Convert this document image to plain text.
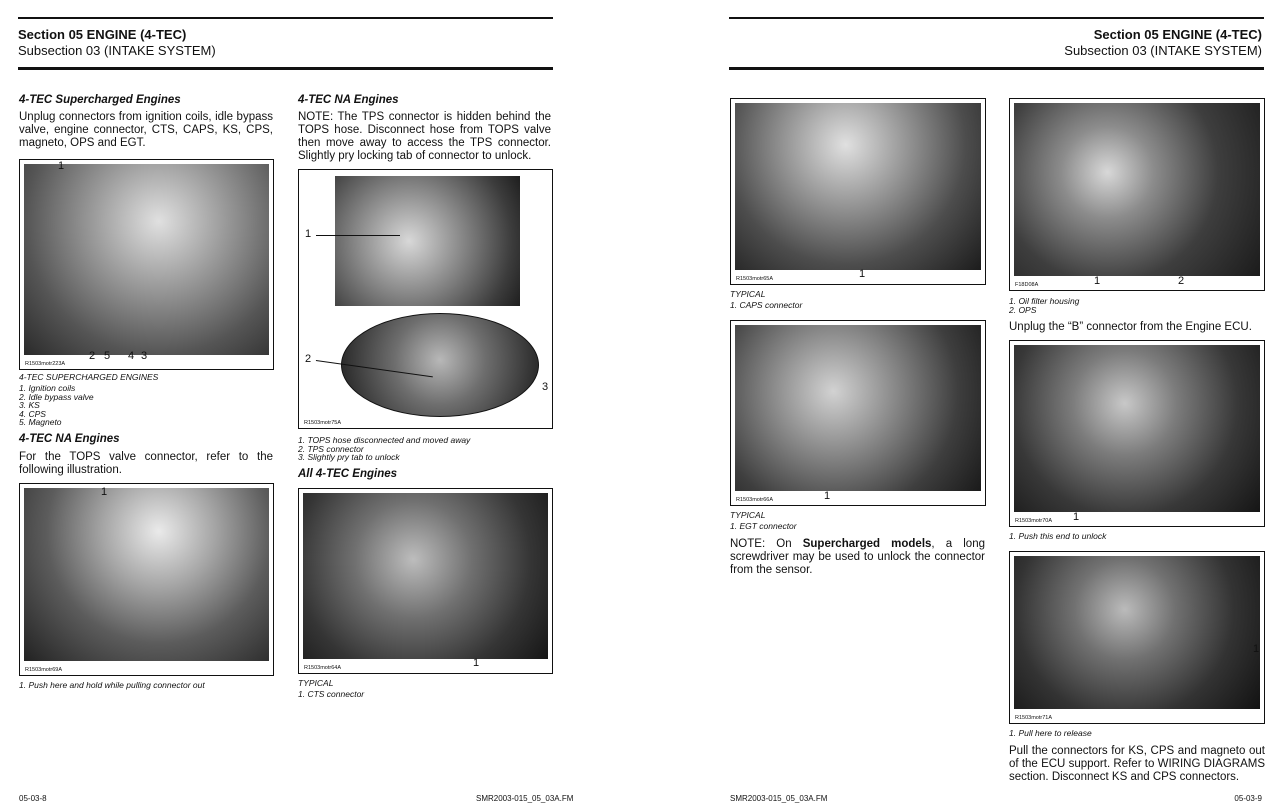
Section 05 ENGINE (4-TEC)
Subsection 03 (INTAKE SYSTEM)
4-TEC Supercharged Engines
Unplug connectors from ignition coils, idle bypass valve, engine connector, CTS, CAPS, KS, CPS, magneto, OPS and EGT.
R1503motr223A
1
2 5 4 3
4-TEC SUPERCHARGED ENGINES
1. Ignition coils
2. Idle bypass valve
3. KS
4. CPS
5. Magneto
4-TEC NA Engines
For the TOPS valve connector, refer to the following illustration.
R1503motr69A
1
1. Push here and hold while pulling connector out
4-TEC NA Engines
NOTE: The TPS connector is hidden behind the TOPS hose. Disconnect hose from TOPS valve then move away to access the TPS connector. Slightly pry locking tab of connector to unlock.
R1503motr75A
1
2
3
1. TOPS hose disconnected and moved away
2. TPS connector
3. Slightly pry tab to unlock
All 4-TEC Engines
R1503motr64A	1
TYPICAL
1. CTS connector
05-03-8	SMR2003-015_05_03A.FM
Section 05 ENGINE (4-TEC)
Subsection 03 (INTAKE SYSTEM)
R1503motr65A	1
TYPICAL
1. CAPS connector
R1503motr66A	1
TYPICAL
1. EGT connector
NOTE: On Supercharged models, a long screwdriver may be used to unlock the connector from the sensor.
F18D08A	1	2
1. Oil filter housing
2. OPS
Unplug the “B” connector from the Engine ECU.
R1503motr70A 1
1. Push this end to unlock
R1503motr71A
1
1. Pull here to release
Pull the connectors for KS, CPS and magneto out of the ECU support. Refer to WIRING DIAGRAMS section. Disconnect KS and CPS connectors.
SMR2003-015_05_03A.FM	05-03-9
